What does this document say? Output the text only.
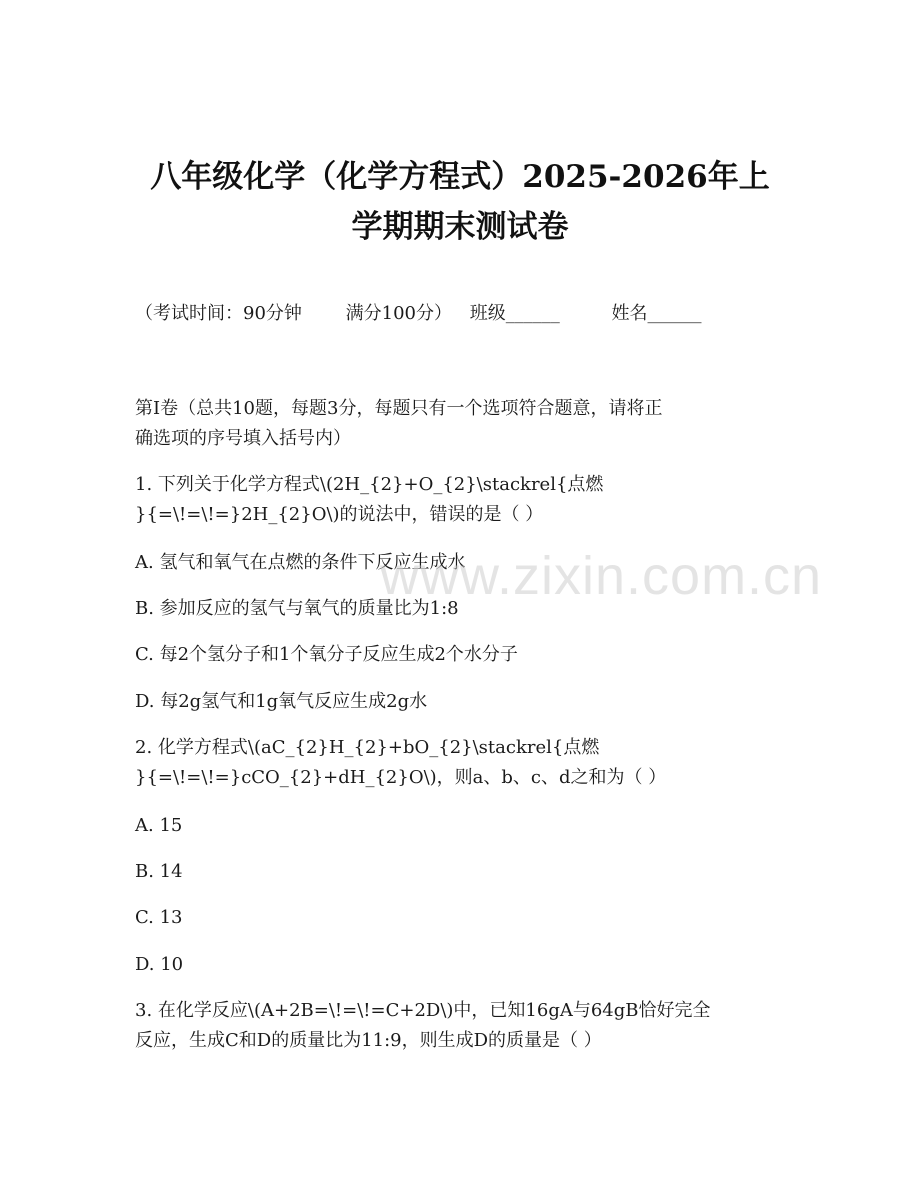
八年级化学（化学方程式）2025-2026年上
学期期末测试卷
（考试时间：90分钟 满分100分） 班级______	姓名______
第I卷（总共10题，每题3分，每题只有一个选项符合题意，请将正
确选项的序号填入括号内）
1. 下列关于化学方程式\(2H_{2}+O_{2}\stackrel{点燃
}{=\!=\!=}2H_{2}O\)的说法中，错误的是（ ）
A. 氢气和氧气在点燃的条件下反应生成水
B. 参加反应的氢气与氧气的质量比为1:8
C. 每2个氢分子和1个氧分子反应生成2个水分子
D. 每2g氢气和1g氧气反应生成2g水
2. 化学方程式\(aC_{2}H_{2}+bO_{2}\stackrel{点燃
}{=\!=\!=}cCO_{2}+dH_{2}O\)，则a、b、c、d之和为（ ）
A. 15
B. 14
C. 13
D. 10
3. 在化学反应\(A+2B=\!=\!=C+2D\)中，已知16gA与64gB恰好完全
反应，生成C和D的质量比为11:9，则生成D的质量是（ ）
www.zixin.com.cn
